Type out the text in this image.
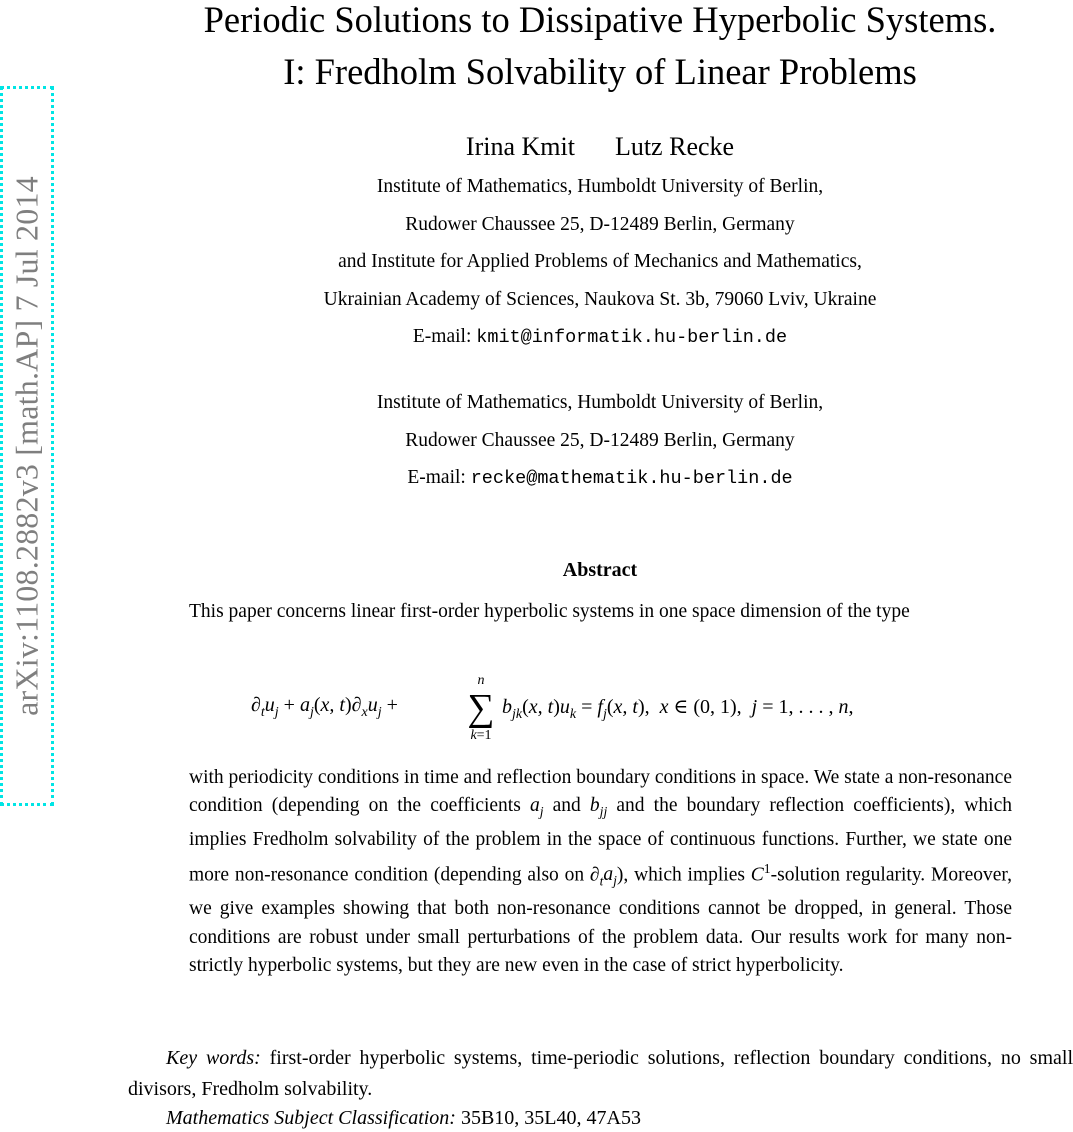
arXiv:1108.2882v3 [math.AP] 7 Jul 2014
Periodic Solutions to Dissipative Hyperbolic Systems.
I: Fredholm Solvability of Linear Problems
Irina Kmit Lutz Recke
Institute of Mathematics, Humboldt University of Berlin,
Rudower Chaussee 25, D-12489 Berlin, Germany
and Institute for Applied Problems of Mechanics and Mathematics,
Ukrainian Academy of Sciences, Naukova St. 3b, 79060 Lviv, Ukraine
E-mail: kmit@informatik.hu-berlin.de
Institute of Mathematics, Humboldt University of Berlin,
Rudower Chaussee 25, D-12489 Berlin, Germany
E-mail: recke@mathematik.hu-berlin.de
Abstract
This paper concerns linear first-order hyperbolic systems in one space dimension of the type
$\partial_tu_j + a_j(x$, $t)\partial_xu_j$ +
n
∑
k=1
$b_{jk}(x$, $t)u_k = f_j(x$, t),  x ∈ (0, 1),  j = 1, . . . , n,
with periodicity conditions in time and reflection boundary conditions in space. We state a non-resonance condition (depending on the coefficients $a_j$ and $b_{jj}$ and the boundary reflection coefficients), which implies Fredholm solvability of the problem in the space of continuous functions. Further, we state one more non-resonance condition (depending also on $\partial_ta_j$), which implies $C^1$-solution regularity. Moreover, we give examples showing that both non-resonance conditions cannot be dropped, in general. Those conditions are robust under small perturbations of the problem data. Our results work for many non-strictly hyperbolic systems, but they are new even in the case of strict hyperbolicity.
Key words: first-order hyperbolic systems, time-periodic solutions, reflection boundary conditions, no small divisors, Fredholm solvability.
Mathematics Subject Classification: 35B10, 35L40, 47A53
